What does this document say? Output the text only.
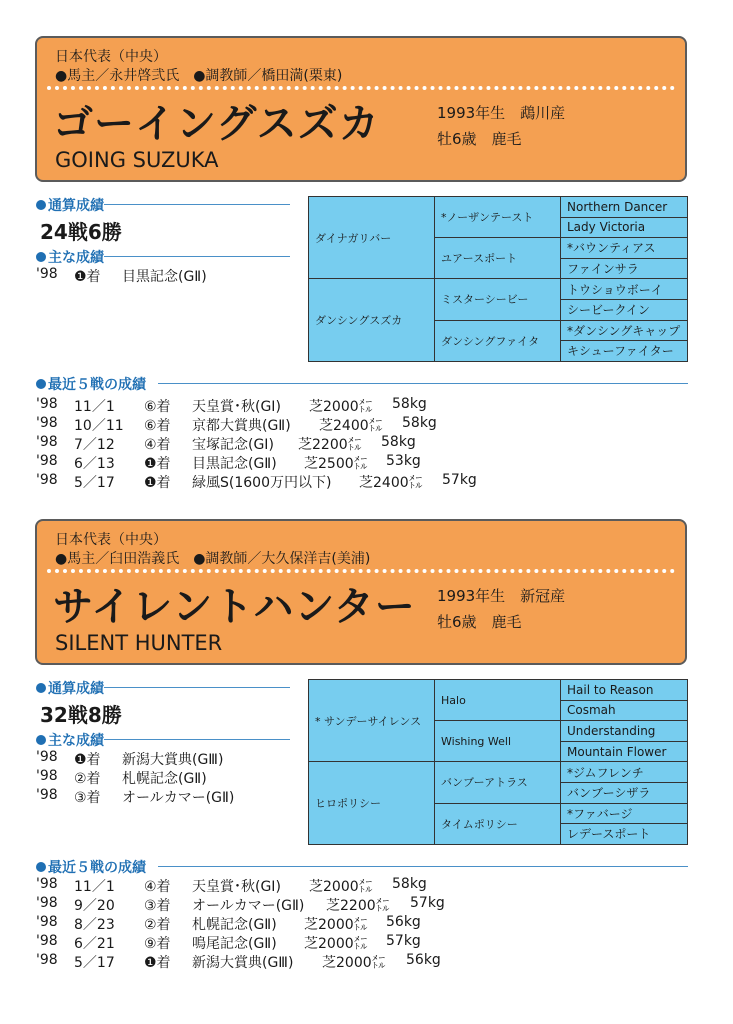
日本代表（中央）
●馬主／永井啓弐氏　●調教師／橋田満(栗東)
ゴーイングスズカ
GOING SUZUKA
1993年生　鵡川産
牡6歳　鹿毛
通算成績
24戦6勝
主な成績
'98 ❶着 目黒記念(GⅡ)
ダイナガリバー	*ノーザンテースト	Northern Dancer
		Lady Victoria
	ユアースポート	*バウンティアス
		ファインサラ
ダンシングスズカ	ミスターシービー	トウショウボーイ
		シービークイン
	ダンシングファイタ	*ダンシングキャップ
		キシューファイター
最近５戦の成績
'98 11／1 ⑥着 天皇賞･秋(GⅠ) 芝2000㍍ 58kg
'98 10／11 ⑥着 京都大賞典(GⅡ) 芝2400㍍ 58kg
'98 7／12 ④着 宝塚記念(GⅠ) 芝2200㍍ 58kg
'98 6／13 ❶着 目黒記念(GⅡ) 芝2500㍍ 53kg
'98 5／17 ❶着 緑風S(1600万円以下) 芝2400㍍ 57kg
日本代表（中央）
●馬主／臼田浩義氏　●調教師／大久保洋吉(美浦)
サイレントハンター
SILENT HUNTER
1993年生　新冠産
牡6歳　鹿毛
通算成績
32戦8勝
主な成績
'98 ❶着 新潟大賞典(GⅢ)
'98 ②着 札幌記念(GⅡ)
'98 ③着 オールカマー(GⅡ)
* サンデーサイレンス	Halo	Hail to Reason
		Cosmah
	Wishing Well	Understanding
		Mountain Flower
ヒロポリシー	バンブーアトラス	*ジムフレンチ
		バンブーシザラ
	タイムポリシー	*ファバージ
		レデースポート
最近５戦の成績
'98 11／1 ④着 天皇賞･秋(GⅠ) 芝2000㍍ 58kg
'98 9／20 ③着 オールカマー(GⅡ) 芝2200㍍ 57kg
'98 8／23 ②着 札幌記念(GⅡ) 芝2000㍍ 56kg
'98 6／21 ⑨着 鳴尾記念(GⅡ) 芝2000㍍ 57kg
'98 5／17 ❶着 新潟大賞典(GⅢ) 芝2000㍍ 56kg
